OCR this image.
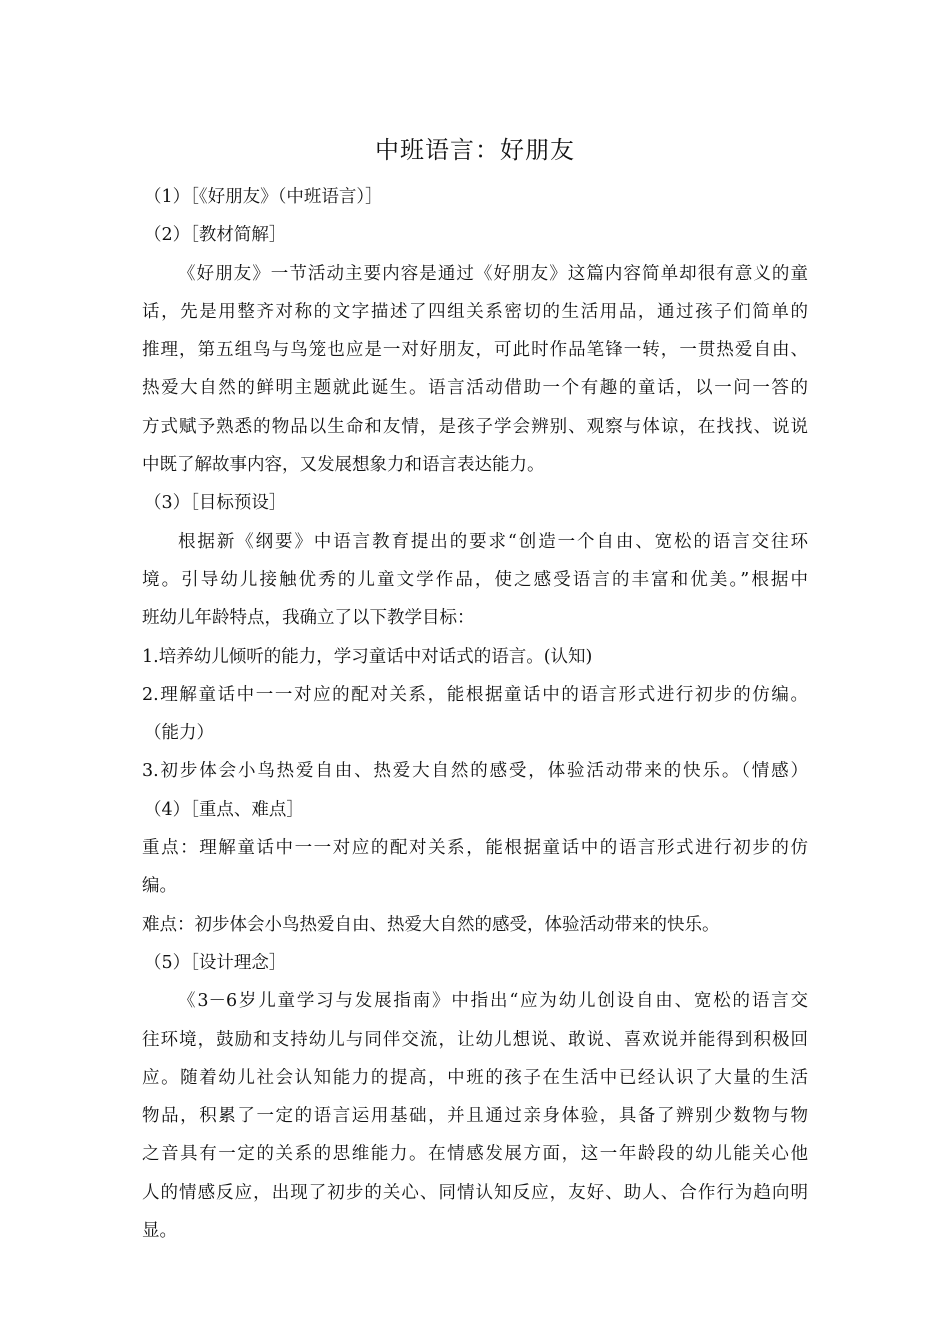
中班语言：好朋友
（1）［《好朋友》（中班语言）］
（2）［教材简解］
《好朋友》一节活动主要内容是通过《好朋友》这篇内容简单却很有意义的童
话，先是用整齐对称的文字描述了四组关系密切的生活用品，通过孩子们简单的
推理，第五组鸟与鸟笼也应是一对好朋友，可此时作品笔锋一转，一贯热爱自由、
热爱大自然的鲜明主题就此诞生。语言活动借助一个有趣的童话，以一问一答的
方式赋予熟悉的物品以生命和友情，是孩子学会辨别、观察与体谅，在找找、说说
中既了解故事内容，又发展想象力和语言表达能力。
（3）［目标预设］
根据新《纲要》中语言教育提出的要求“创造一个自由、宽松的语言交往环
境。引导幼儿接触优秀的儿童文学作品，使之感受语言的丰富和优美。”根据中
班幼儿年龄特点，我确立了以下教学目标：
1.培养幼儿倾听的能力，学习童话中对话式的语言。(认知)
2.理解童话中一一对应的配对关系，能根据童话中的语言形式进行初步的仿编。
（能力）
3.初步体会小鸟热爱自由、热爱大自然的感受，体验活动带来的快乐。（情感）
（4）［重点、难点］
重点：理解童话中一一对应的配对关系，能根据童话中的语言形式进行初步的仿
编。
难点：初步体会小鸟热爱自由、热爱大自然的感受，体验活动带来的快乐。
（5）［设计理念］
《3－6岁儿童学习与发展指南》中指出“应为幼儿创设自由、宽松的语言交
往环境，鼓励和支持幼儿与同伴交流，让幼儿想说、敢说、喜欢说并能得到积极回
应。随着幼儿社会认知能力的提高，中班的孩子在生活中已经认识了大量的生活
物品，积累了一定的语言运用基础，并且通过亲身体验，具备了辨别少数物与物
之音具有一定的关系的思维能力。在情感发展方面，这一年龄段的幼儿能关心他
人的情感反应，出现了初步的关心、同情认知反应，友好、助人、合作行为趋向明
显。
